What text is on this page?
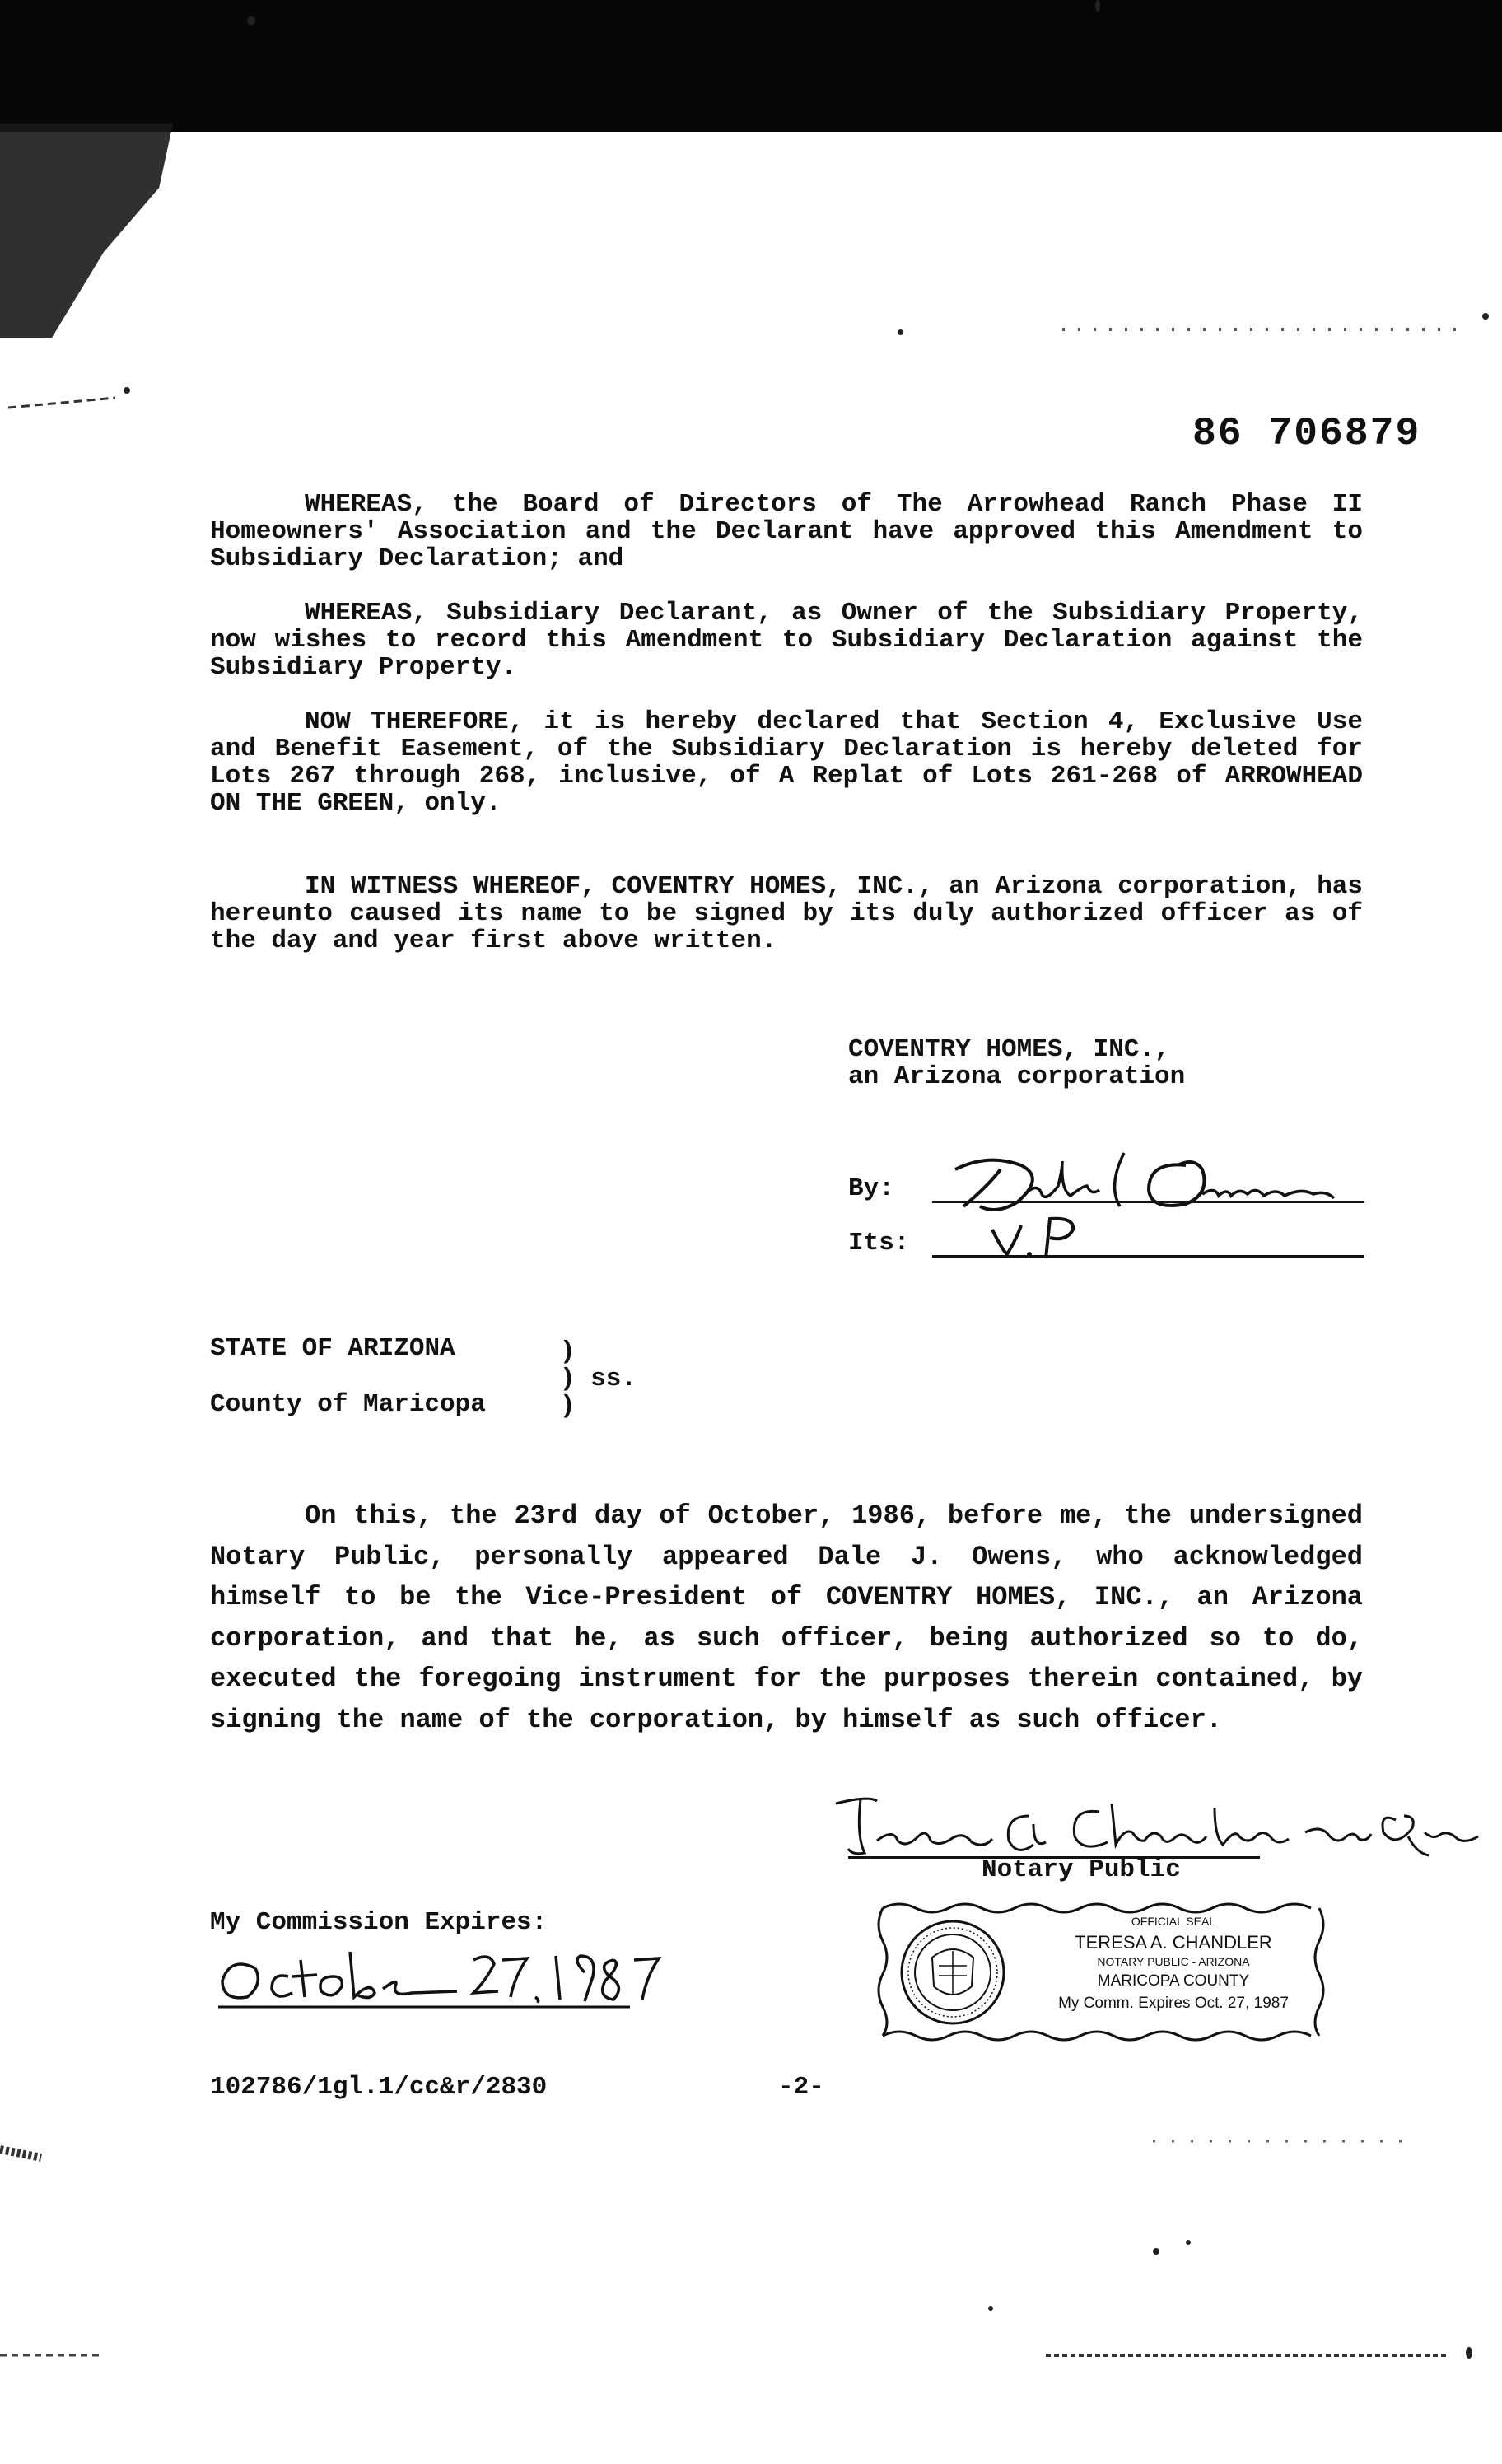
86 706879

WHEREAS, the Board of Directors of The Arrowhead Ranch Phase II Homeowners' Association and the Declarant have approved this Amendment to Subsidiary Declaration; and

WHEREAS, Subsidiary Declarant, as Owner of the Subsidiary Property, now wishes to record this Amendment to Subsidiary Declaration against the Subsidiary Property.

NOW THEREFORE, it is hereby declared that Section 4, Exclusive Use and Benefit Easement, of the Subsidiary Declaration is hereby deleted for Lots 267 through 268, inclusive, of A Replat of Lots 261-268 of ARROWHEAD ON THE GREEN, only.

IN WITNESS WHEREOF, COVENTRY HOMES, INC., an Arizona corporation, has hereunto caused its name to be signed by its duly authorized officer as of the day and year first above written.

COVENTRY HOMES, INC.,
an Arizona corporation
By:
Its:
STATE OF ARIZONA	)
) ss.
County of Maricopa	)

On this, the 23rd day of October, 1986, before me, the undersigned Notary Public, personally appeared Dale J. Owens, who acknowledged himself to be the Vice-President of COVENTRY HOMES, INC., an Arizona corporation, and that he, as such officer, being authorized so to do, executed the foregoing instrument for the purposes therein contained, by signing the name of the corporation, by himself as such officer.

Notary Public
My Commission Expires:	OFFICIAL SEAL
TERESA A. CHANDLER
NOTARY PUBLIC - ARIZONA
MARICOPA COUNTY
My Comm. Expires Oct. 27, 1987
102786/1gl.1/cc&r/2830	-2-
